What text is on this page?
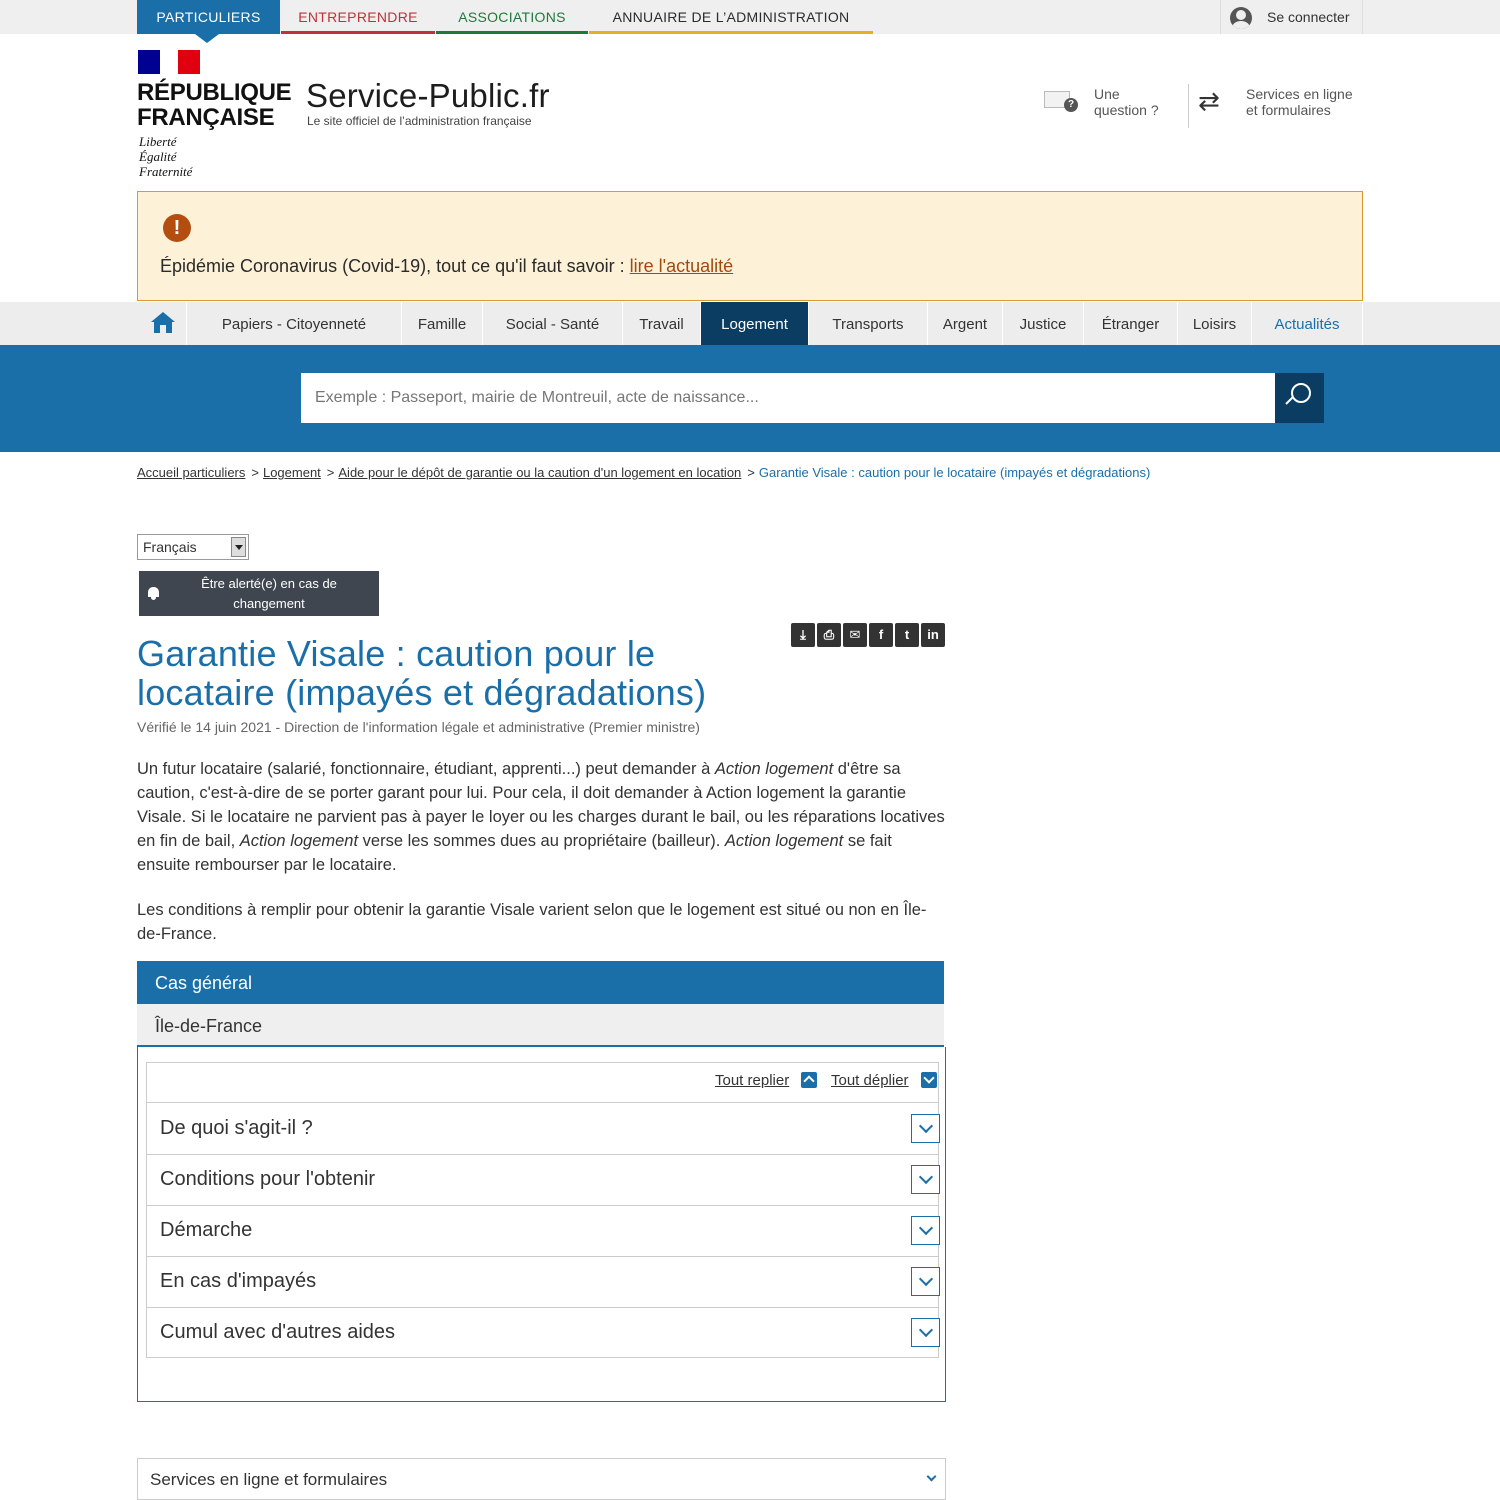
PARTICULIERS	ENTREPRENDRE	ASSOCIATIONS	ANNUAIRE DE L’ADMINISTRATION	Se connecter
RÉPUBLIQUE
FRANÇAISE
Liberté
Égalité
Fraternité
Service-Public.fr
Le site officiel de l’administration française
?
Une
question ? ⇄ Services en ligne
et formulaires
!
Épidémie Coronavirus (Covid-19), tout ce qu'il faut savoir : lire l'actualité
Papiers - Citoyenneté	Famille	Social - Santé	Travail	Logement	Transports	Argent	Justice	Étranger	Loisirs	Actualités
Exemple : Passeport, mairie de Montreuil, acte de naissance...
Accueil particuliers > Logement > Aide pour le dépôt de garantie ou la caution d'un logement en location > Garantie Visale : caution pour le locataire (impayés et dégradations)
Français
Être alerté(e) en cas de
changement
⤓	⎙	✉	f	t	in
Garantie Visale : caution pour le locataire (impayés et dégradations)
Vérifié le 14 juin 2021 - Direction de l'information légale et administrative (Premier ministre)

Un futur locataire (salarié, fonctionnaire, étudiant, apprenti...) peut demander à Action logement d'être sa caution, c'est-à-dire de se porter garant pour lui. Pour cela, il doit demander à Action logement la garantie Visale. Si le locataire ne parvient pas à payer le loyer ou les charges durant le bail, ou les réparations locatives en fin de bail, Action logement verse les sommes dues au propriétaire (bailleur). Action logement se fait ensuite rembourser par le locataire.

Les conditions à remplir pour obtenir la garantie Visale varient selon que le logement est situé ou non en Île-de-France.

Cas général
Île-de-France
Tout replier	Tout déplier
De quoi s'agit-il ?
Conditions pour l'obtenir
Démarche
En cas d'impayés
Cumul avec d'autres aides
Services en ligne et formulaires
